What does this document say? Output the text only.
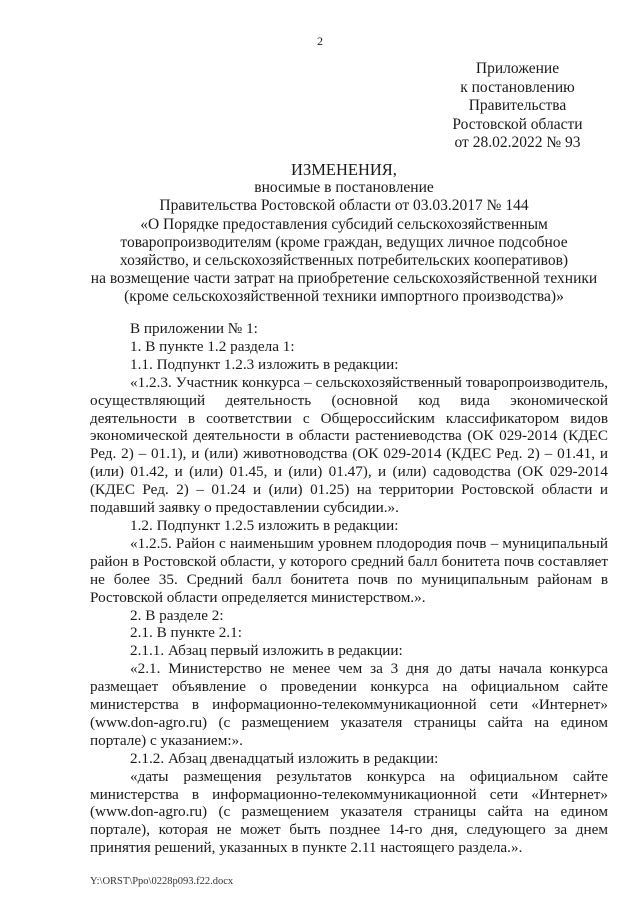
2
Приложение
к постановлению
Правительства
Ростовской области
от 28.02.2022 № 93
ИЗМЕНЕНИЯ,
вносимые в постановление
Правительства Ростовской области от 03.03.2017 № 144
«О Порядке предоставления субсидий сельскохозяйственным
товаропроизводителям (кроме граждан, ведущих личное подсобное
хозяйство, и сельскохозяйственных потребительских кооперативов)
на возмещение части затрат на приобретение сельскохозяйственной техники
(кроме сельскохозяйственной техники импортного производства)»

В приложении № 1:

1. В пункте 1.2 раздела 1:

1.1. Подпункт 1.2.3 изложить в редакции:

«1.2.3. Участник конкурса – сельскохозяйственный товаропроизводитель, осуществляющий деятельность (основной код вида экономической деятельности в соответствии с Общероссийским классификатором видов экономической деятельности в области растениеводства (ОК 029-2014 (КДЕС Ред. 2) – 01.1), и (или) животноводства (ОК 029-2014 (КДЕС Ред. 2) – 01.41, и (или) 01.42, и (или) 01.45, и (или) 01.47), и (или) садоводства (ОК 029-2014 (КДЕС Ред. 2) – 01.24 и (или) 01.25) на территории Ростовской области и подавший заявку о предоставлении субсидии.».

1.2. Подпункт 1.2.5 изложить в редакции:

«1.2.5. Район с наименьшим уровнем плодородия почв – муниципальный район в Ростовской области, у которого средний балл бонитета почв составляет не более 35. Средний балл бонитета почв по муниципальным районам в Ростовской области определяется министерством.».

2. В разделе 2:

2.1. В пункте 2.1:

2.1.1. Абзац первый изложить в редакции:

«2.1. Министерство не менее чем за 3 дня до даты начала конкурса размещает объявление о проведении конкурса на официальном сайте министерства в информационно-телекоммуникационной сети «Интернет» (www.don-agro.ru) (с размещением указателя страницы сайта на едином портале) с указанием:».

2.1.2. Абзац двенадцатый изложить в редакции:

«даты размещения результатов конкурса на официальном сайте министерства в информационно-телекоммуникационной сети «Интернет» (www.don-agro.ru) (с размещением указателя страницы сайта на едином портале), которая не может быть позднее 14-го дня, следующего за днем принятия решений, указанных в пункте 2.11 настоящего раздела.».

Y:\ORST\Ppo\0228p093.f22.docx
